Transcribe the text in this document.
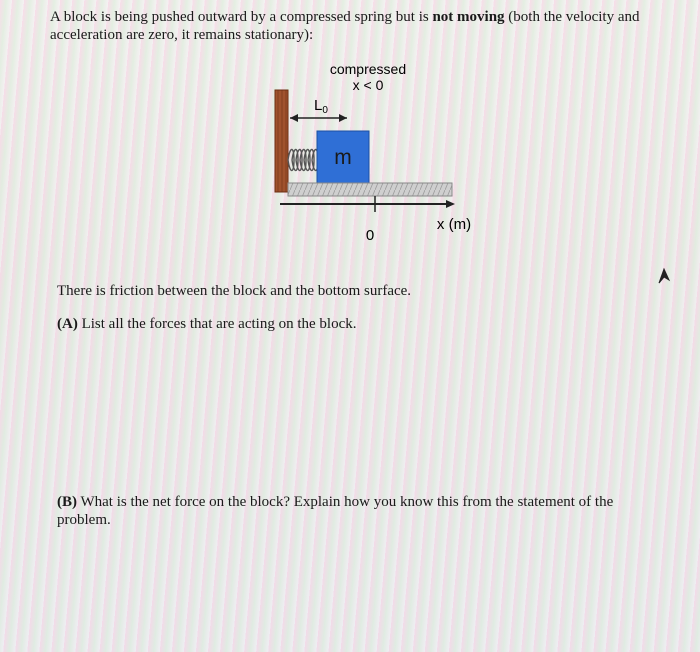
A block is being pushed outward by a compressed spring but is not moving (both the velocity and acceleration are zero, it remains stationary):
compressed
x < 0
$L_0$
m
0
x (m)
There is friction between the block and the bottom surface.
(A) List all the forces that are acting on the block.
(B) What is the net force on the block? Explain how you know this from the statement of the problem.
